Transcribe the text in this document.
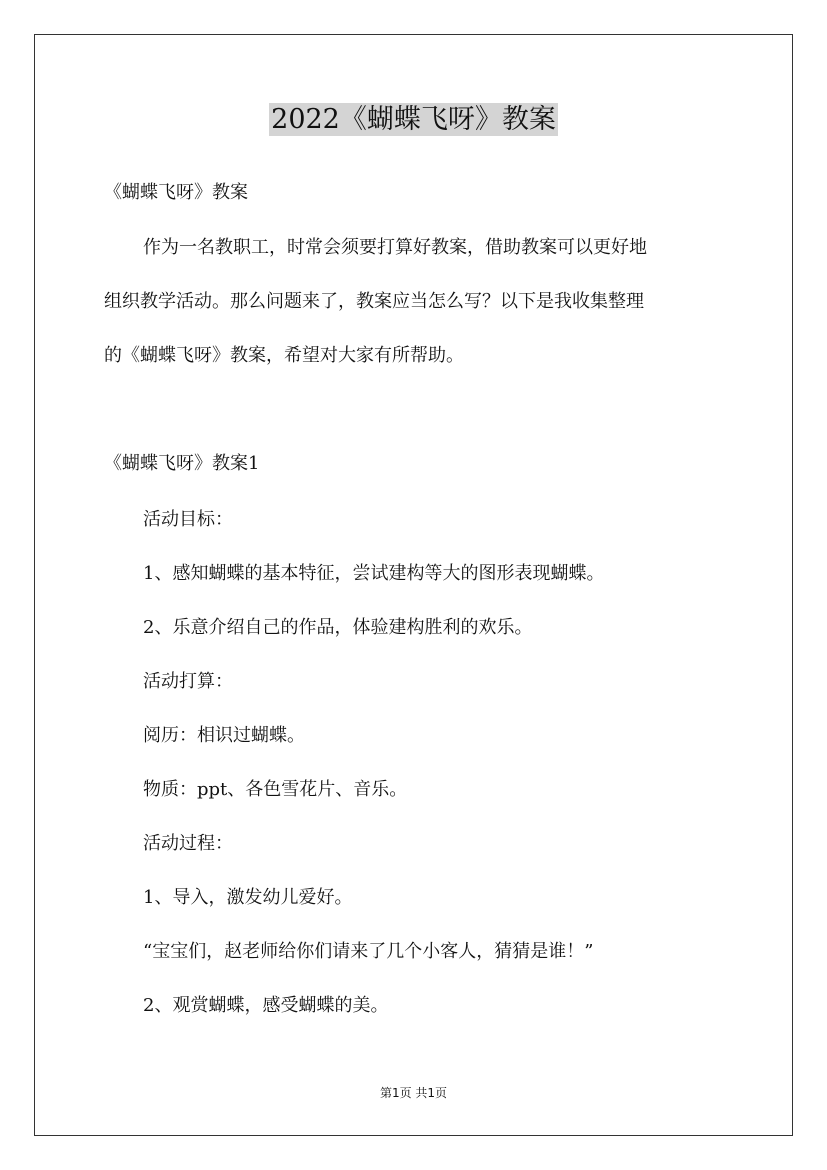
2022《蝴蝶飞呀》教案
《蝴蝶飞呀》教案
作为一名教职工，时常会须要打算好教案，借助教案可以更好地
组织教学活动。那么问题来了，教案应当怎么写？以下是我收集整理
的《蝴蝶飞呀》教案，希望对大家有所帮助。
《蝴蝶飞呀》教案1
活动目标：
1、感知蝴蝶的基本特征，尝试建构等大的图形表现蝴蝶。
2、乐意介绍自己的作品，体验建构胜利的欢乐。
活动打算：
阅历：相识过蝴蝶。
物质：ppt、各色雪花片、音乐。
活动过程：
1、导入，激发幼儿爱好。
“宝宝们，赵老师给你们请来了几个小客人，猜猜是谁！”
2、观赏蝴蝶，感受蝴蝶的美。
第1页 共1页
